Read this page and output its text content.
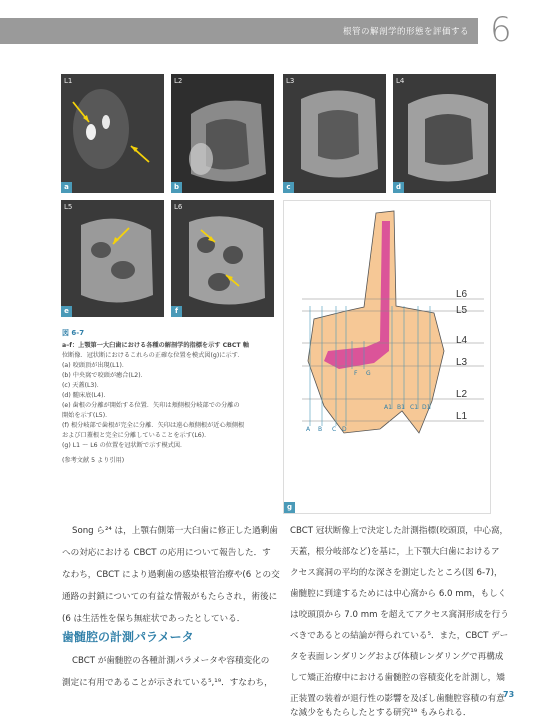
根管の解剖学的形態を評価する 6
L1
a
L2
b
L3
c
L4
d
L5
e
L6
f
図 6-7
a–f：上顎第一大臼歯における各種の解剖学的指標を示す CBCT 軸
位断像．冠状断におけるこれらの正確な位置を模式図(g)に示す．
(a) 咬頭頂が出現(L1)．
(b) 中央窩で咬頭が癒合(L2)．
(c) 天蓋(L3)．
(d) 髄床底(L4)．
(e) 歯根の分離が開始する位置．矢印は頬側根分岐部での分離の
開始を示す(L5)．
(f) 根分岐部で歯根が完全に分離．矢印は遠心頬側根が近心頬側根
および口蓋根と完全に分離していることを示す(L6)．
(g) L1 〜 L6 の位置を冠状断で示す模式図．
(参考文献 5 より引用)
L6
L5
L4
L3
L2
L1
F G
A1 B1 C1 D1
A B C D
g
Song ら²⁴ は，上顎右側第一大臼歯に修正した過剰歯
への対応における CBCT の応用について報告した．す
なわち，CBCT により過剰歯の感染根管治療や(6 との交
通路の封鎖についての有益な情報がもたらされ，術後に
(6 は生活性を保ち無症状であったとしている．
歯髄腔の計測パラメータ
CBCT が歯髄腔の各種計測パラメータや容積変化の
測定に有用であることが示されている⁵,¹⁹．すなわち，
CBCT 冠状断像上で決定した計測指標(咬頭頂，中心窩，
天蓋，根分岐部など)を基に，上下顎大臼歯におけるア
クセス窩洞の平均的な深さを測定したところ(図 6-7)，
歯髄腔に到達するためには中心窩から 6.0 mm，もしく
は咬頭頂から 7.0 mm を超えてアクセス窩洞形成を行う
べきであるとの結論が得られている⁵．また，CBCT デー
タを表面レンダリングおよび体積レンダリングで再構成
して矯正治療中における歯髄腔の容積変化を計測し，矯
正装置の装着が退行性の影響を及ぼし歯髄腔容積の有意
な減少をもたらしたとする研究¹⁹ もみられる．
73
